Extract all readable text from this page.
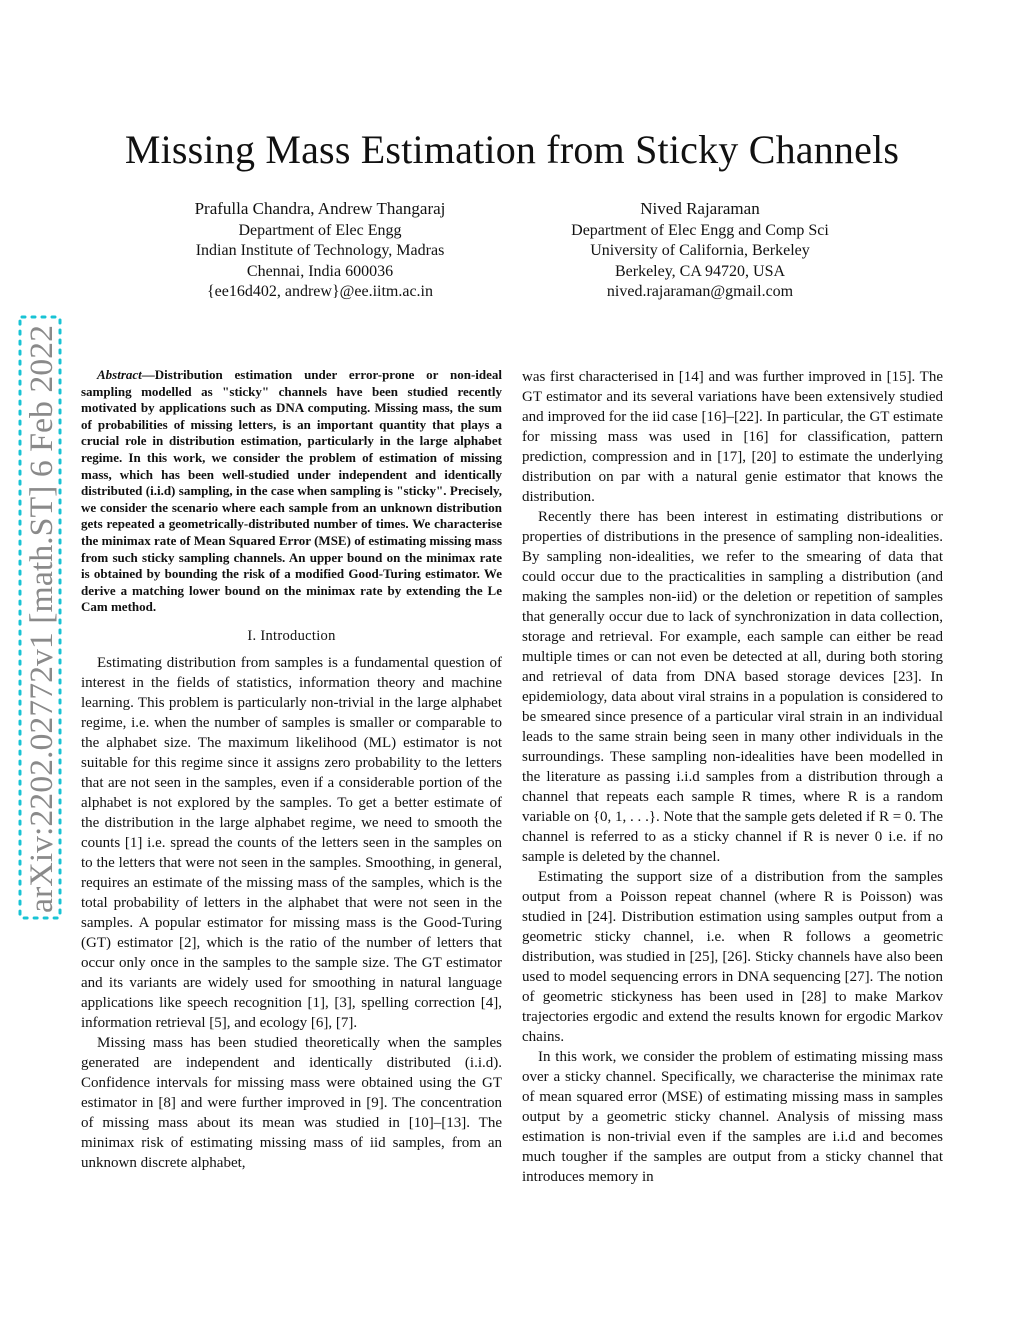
arXiv:2202.02772v1 [math.ST] 6 Feb 2022
Missing Mass Estimation from Sticky Channels
Prafulla Chandra, Andrew Thangaraj
Department of Elec Engg
Indian Institute of Technology, Madras
Chennai, India 600036
{ee16d402, andrew}@ee.iitm.ac.in
Nived Rajaraman
Department of Elec Engg and Comp Sci
University of California, Berkeley
Berkeley, CA 94720, USA
nived.rajaraman@gmail.com

Abstract—Distribution estimation under error-prone or non-ideal sampling modelled as "sticky" channels have been studied recently motivated by applications such as DNA computing. Missing mass, the sum of probabilities of missing letters, is an important quantity that plays a crucial role in distribution estimation, particularly in the large alphabet regime. In this work, we consider the problem of estimation of missing mass, which has been well-studied under independent and identically distributed (i.i.d) sampling, in the case when sampling is "sticky". Precisely, we consider the scenario where each sample from an unknown distribution gets repeated a geometrically-distributed number of times. We characterise the minimax rate of Mean Squared Error (MSE) of estimating missing mass from such sticky sampling channels. An upper bound on the minimax rate is obtained by bounding the risk of a modified Good-Turing estimator. We derive a matching lower bound on the minimax rate by extending the Le Cam method.

I. Introduction

Estimating distribution from samples is a fundamental question of interest in the fields of statistics, information theory and machine learning. This problem is particularly non-trivial in the large alphabet regime, i.e. when the number of samples is smaller or comparable to the alphabet size. The maximum likelihood (ML) estimator is not suitable for this regime since it assigns zero probability to the letters that are not seen in the samples, even if a considerable portion of the alphabet is not explored by the samples. To get a better estimate of the distribution in the large alphabet regime, we need to smooth the counts [1] i.e. spread the counts of the letters seen in the samples on to the letters that were not seen in the samples. Smoothing, in general, requires an estimate of the missing mass of the samples, which is the total probability of letters in the alphabet that were not seen in the samples. A popular estimator for missing mass is the Good-Turing (GT) estimator [2], which is the ratio of the number of letters that occur only once in the samples to the sample size. The GT estimator and its variants are widely used for smoothing in natural language applications like speech recognition [1], [3], spelling correction [4], information retrieval [5], and ecology [6], [7].

Missing mass has been studied theoretically when the samples generated are independent and identically distributed (i.i.d). Confidence intervals for missing mass were obtained using the GT estimator in [8] and were further improved in [9]. The concentration of missing mass about its mean was studied in [10]–[13]. The minimax risk of estimating missing mass of iid samples, from an unknown discrete alphabet,

was first characterised in [14] and was further improved in [15]. The GT estimator and its several variations have been extensively studied and improved for the iid case [16]–[22]. In particular, the GT estimate for missing mass was used in [16] for classification, pattern prediction, compression and in [17], [20] to estimate the underlying distribution on par with a natural genie estimator that knows the distribution.

Recently there has been interest in estimating distributions or properties of distributions in the presence of sampling non-idealities. By sampling non-idealities, we refer to the smearing of data that could occur due to the practicalities in sampling a distribution (and making the samples non-iid) or the deletion or repetition of samples that generally occur due to lack of synchronization in data collection, storage and retrieval. For example, each sample can either be read multiple times or can not even be detected at all, during both storing and retrieval of data from DNA based storage devices [23]. In epidemiology, data about viral strains in a population is considered to be smeared since presence of a particular viral strain in an individual leads to the same strain being seen in many other individuals in the surroundings. These sampling non-idealities have been modelled in the literature as passing i.i.d samples from a distribution through a channel that repeats each sample R times, where R is a random variable on {0, 1, . . .}. Note that the sample gets deleted if R = 0. The channel is referred to as a sticky channel if R is never 0 i.e. if no sample is deleted by the channel.

Estimating the support size of a distribution from the samples output from a Poisson repeat channel (where R is Poisson) was studied in [24]. Distribution estimation using samples output from a geometric sticky channel, i.e. when R follows a geometric distribution, was studied in [25], [26]. Sticky channels have also been used to model sequencing errors in DNA sequencing [27]. The notion of geometric stickyness has been used in [28] to make Markov trajectories ergodic and extend the results known for ergodic Markov chains.

In this work, we consider the problem of estimating missing mass over a sticky channel. Specifically, we characterise the minimax rate of mean squared error (MSE) of estimating missing mass in samples output by a geometric sticky channel. Analysis of missing mass estimation is non-trivial even if the samples are i.i.d and becomes much tougher if the samples are output from a sticky channel that introduces memory in
